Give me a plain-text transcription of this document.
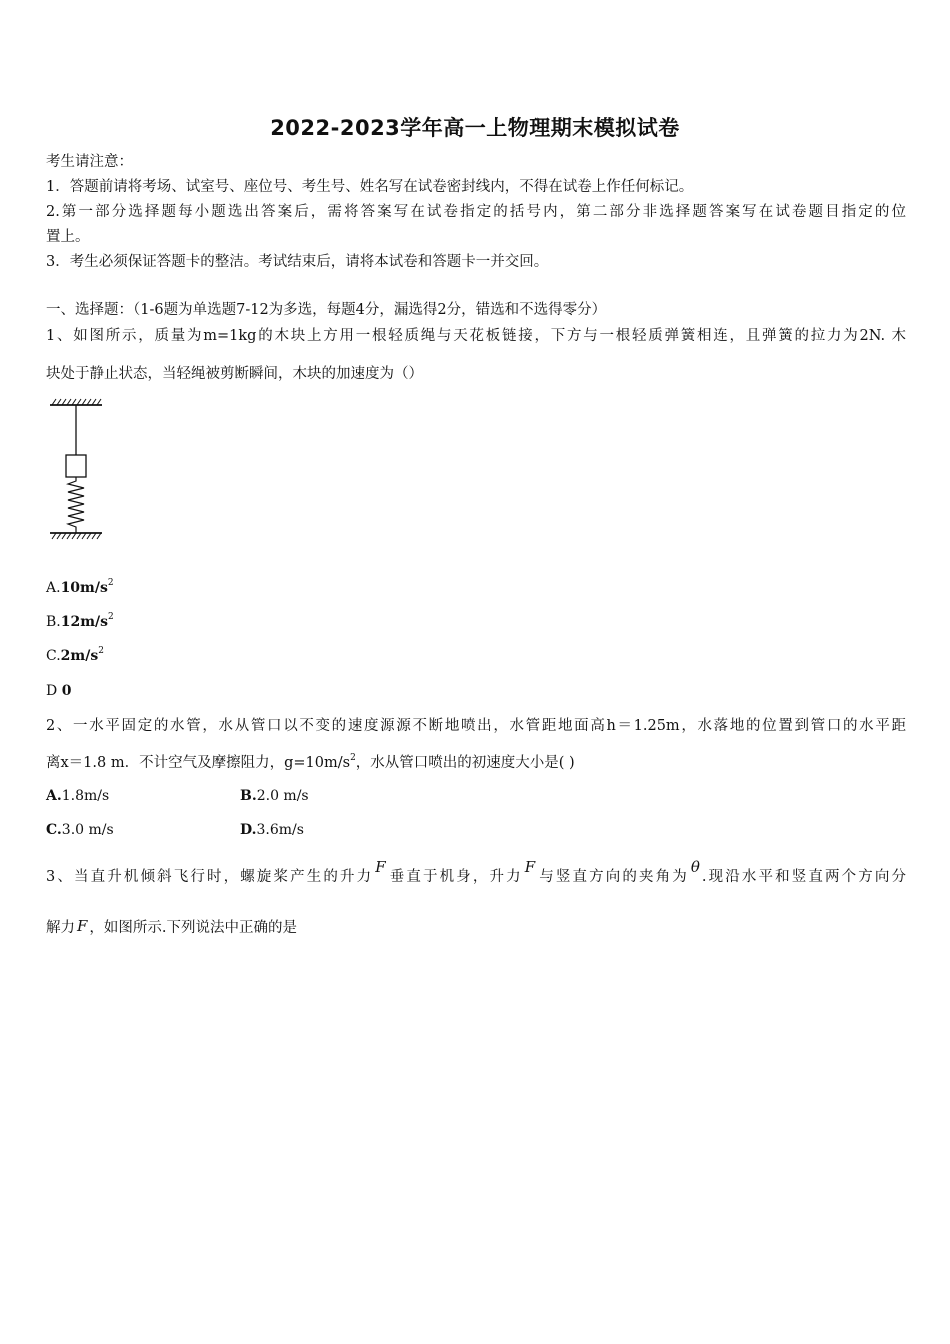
2022-2023学年高一上物理期末模拟试卷
考生请注意：
1．答题前请将考场、试室号、座位号、考生号、姓名写在试卷密封线内，不得在试卷上作任何标记。
2.第一部分选择题每小题选出答案后，需将答案写在试卷指定的括号内，第二部分非选择题答案写在试卷题目指定的位
置上。
3．考生必须保证答题卡的整洁。考试结束后，请将本试卷和答题卡一并交回。
一、选择题：（1-6题为单选题7-12为多选，每题4分，漏选得2分，错选和不选得零分）
1、如图所示，质量为m=1kg的木块上方用一根轻质绳与天花板链接，下方与一根轻质弹簧相连，且弹簧的拉力为2N. 木
块处于静止状态，当轻绳被剪断瞬间，木块的加速度为（）
$A.10m/s^2$
$B.12m/s^2$
$C.2m/s^2$
D 0
2、一水平固定的水管，水从管口以不变的速度源源不断地喷出，水管距地面高h＝1.25m，水落地的位置到管口的水平距
离x＝1.8 m．不计空气及摩擦阻力，$g=10m/s^2$，水从管口喷出的初速度大小是( )
A.1.8m/s	B.2.0 m/s
C.3.0 m/s	D.3.6m/s
3、当直升机倾斜飞行时，螺旋桨产生的升力F垂直于机身，升力F与竖直方向的夹角为θ.现沿水平和竖直两个方向分
解力 F ，如图所示.下列说法中正确的是
